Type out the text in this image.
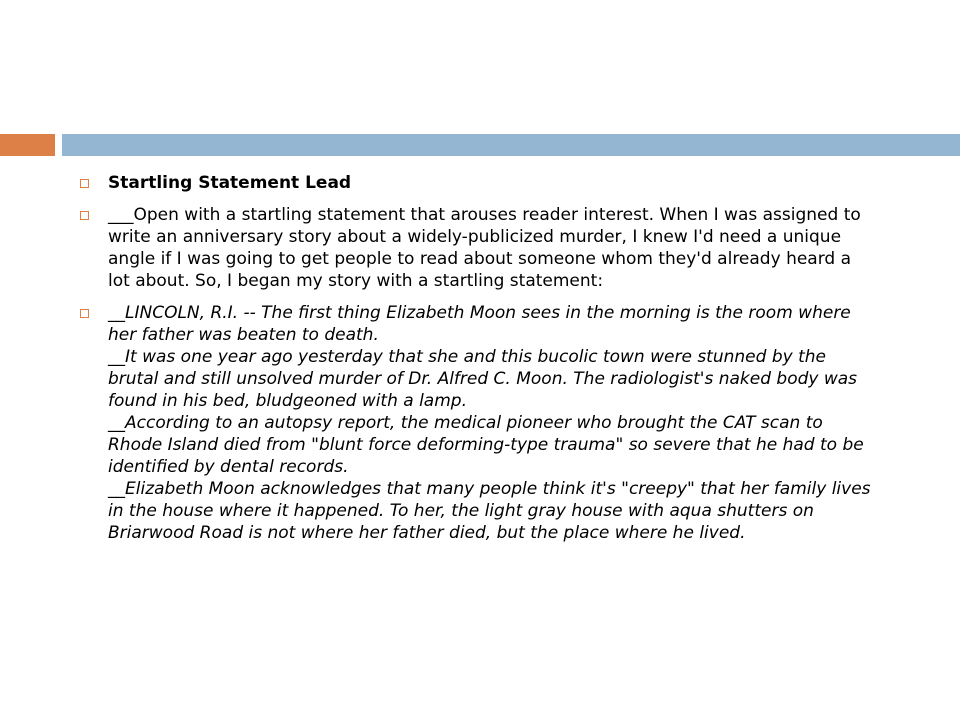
Startling Statement Lead

___Open with a startling statement that arouses reader interest. When I was assigned to write an anniversary story about a widely-publicized murder, I knew I'd need a unique angle if I was going to get people to read about someone whom they'd already heard a lot about. So, I began my story with a startling statement:

__LINCOLN, R.I. -- The first thing Elizabeth Moon sees in the morning is the room where her father was beaten to death.

__It was one year ago yesterday that she and this bucolic town were stunned by the brutal and still unsolved murder of Dr. Alfred C. Moon. The radiologist's naked body was found in his bed, bludgeoned with a lamp.

__According to an autopsy report, the medical pioneer who brought the CAT scan to Rhode Island died from "blunt force deforming-type trauma" so severe that he had to be identified by dental records.

__Elizabeth Moon acknowledges that many people think it's "creepy" that her family lives in the house where it happened. To her, the light gray house with aqua shutters on Briarwood Road is not where her father died, but the place where he lived.
